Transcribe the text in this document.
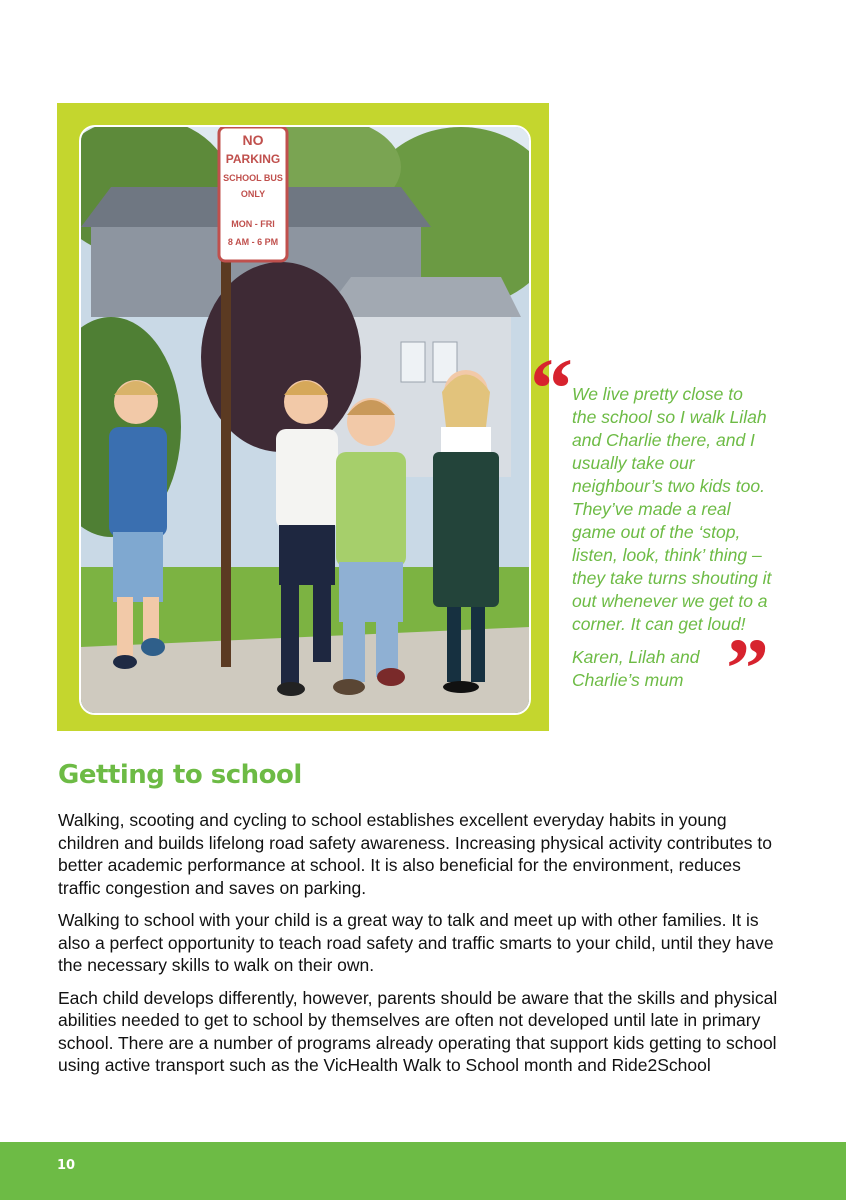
NO
PARKING
SCHOOL BUS
ONLY
MON - FRI
8 AM - 6 PM
“ We live pretty close to the school so I walk Lilah and Charlie there, and I usually take our neighbour’s two kids too. They’ve made a real game out of the ‘stop, listen, look, think’ thing – they take turns shouting it out whenever we get to a corner. It can get loud!

Karen, Lilah and Charlie’s mum ”
Getting to school

Walking, scooting and cycling to school establishes excellent everyday habits in young children and builds lifelong road safety awareness. Increasing physical activity contributes to better academic performance at school. It is also beneficial for the environment, reduces traffic congestion and saves on parking.

Walking to school with your child is a great way to talk and meet up with other families. It is also a perfect opportunity to teach road safety and traffic smarts to your child, until they have the necessary skills to walk on their own.

Each child develops differently, however, parents should be aware that the skills and physical abilities needed to get to school by themselves are often not developed until late in primary school. There are a number of programs already operating that support kids getting to school using active transport such as the VicHealth Walk to School month and Ride2School

10
